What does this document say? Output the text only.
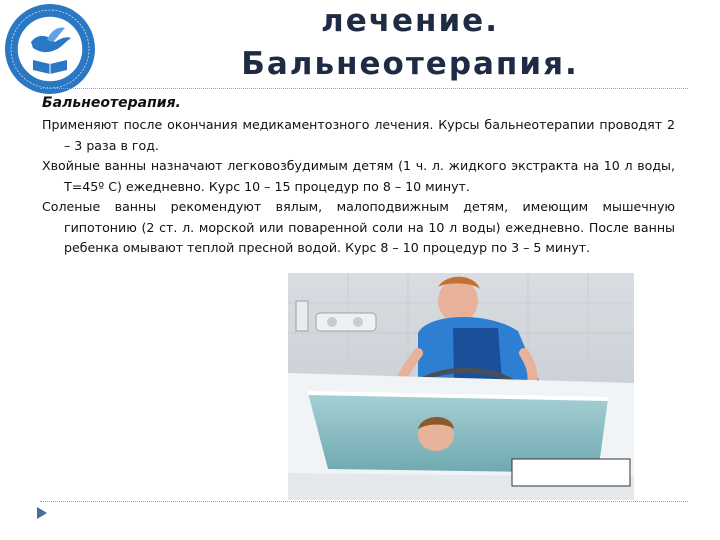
лечение.
Бальнеотерапия.

Бальнеотерапия.

Применяют после окончания медикаментозного лечения. Курсы бальнеотерапии проводят 2 – 3 раза в год.

Хвойные ванны назначают легковозбудимым детям (1 ч. л. жидкого экстракта на 10 л воды, Т=45º С) ежедневно. Курс 10 – 15 процедур по 8 – 10 минут.

Соленые ванны рекомендуют вялым, малоподвижным детям, имеющим мышечную гипотонию (2 ст. л. морской или поваренной соли на 10 л воды) ежедневно. После ванны ребенка омывают теплой пресной водой. Курс 8 – 10 процедур по 3 – 5 минут.
